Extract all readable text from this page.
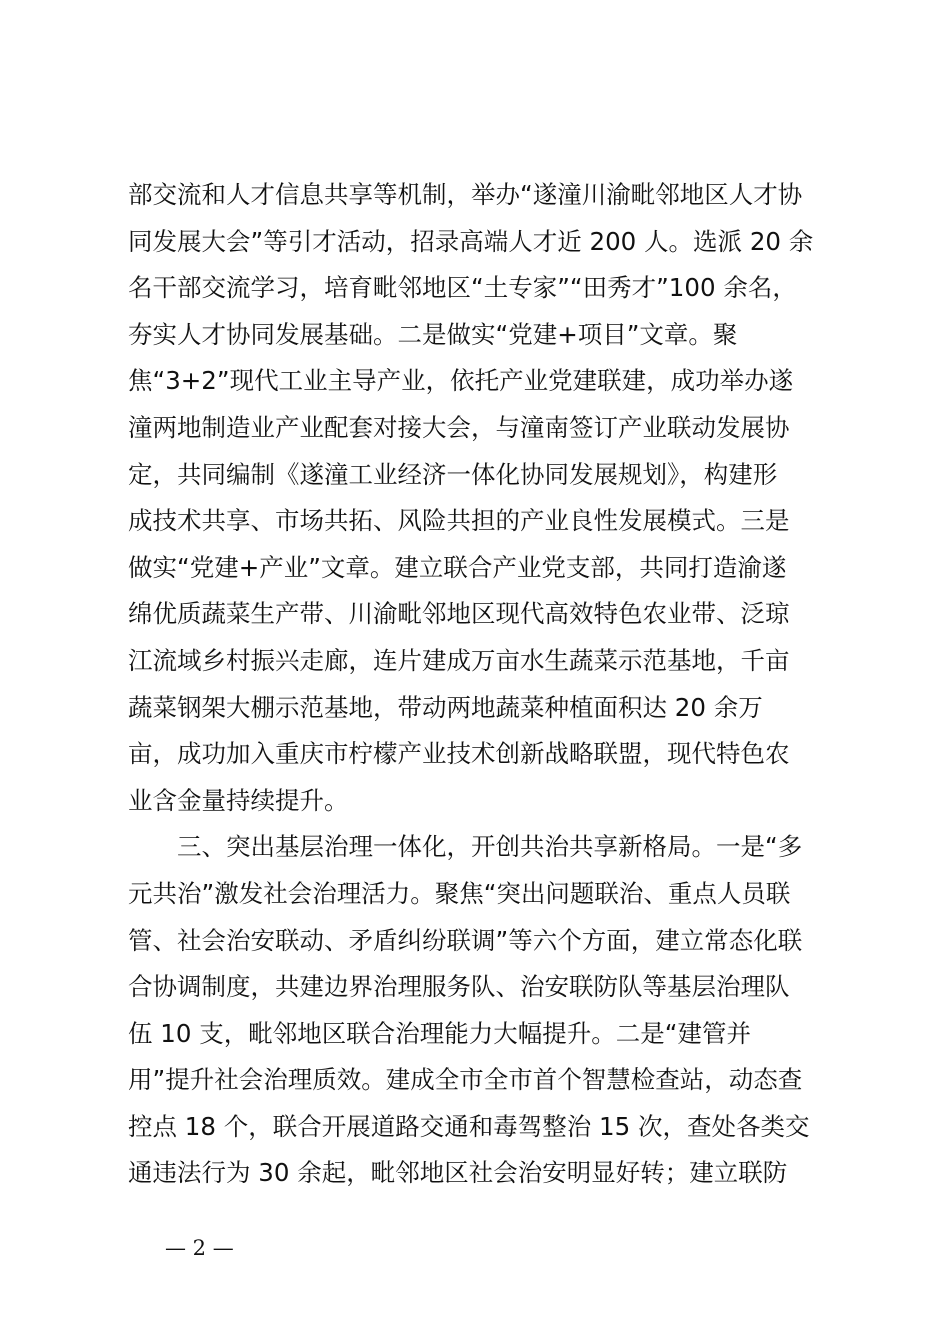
部交流和人才信息共享等机制，举办“遂潼川渝毗邻地区人才协
同发展大会”等引才活动，招录高端人才近 200 人。选派 20 余
名干部交流学习，培育毗邻地区“土专家”“田秀才”100 余名，
夯实人才协同发展基础。二是做实“党建+项目”文章。聚
焦“3+2”现代工业主导产业，依托产业党建联建，成功举办遂
潼两地制造业产业配套对接大会，与潼南签订产业联动发展协
定，共同编制《遂潼工业经济一体化协同发展规划》，构建形
成技术共享、市场共拓、风险共担的产业良性发展模式。三是
做实“党建+产业”文章。建立联合产业党支部，共同打造渝遂
绵优质蔬菜生产带、川渝毗邻地区现代高效特色农业带、泛琼
江流域乡村振兴走廊，连片建成万亩水生蔬菜示范基地，千亩
蔬菜钢架大棚示范基地，带动两地蔬菜种植面积达 20 余万
亩，成功加入重庆市柠檬产业技术创新战略联盟，现代特色农
业含金量持续提升。
　　三、突出基层治理一体化，开创共治共享新格局。一是“多
元共治”激发社会治理活力。聚焦“突出问题联治、重点人员联
管、社会治安联动、矛盾纠纷联调”等六个方面，建立常态化联
合协调制度，共建边界治理服务队、治安联防队等基层治理队
伍 10 支，毗邻地区联合治理能力大幅提升。二是“建管并
用”提升社会治理质效。建成全市全市首个智慧检查站，动态查
控点 18 个，联合开展道路交通和毒驾整治 15 次，查处各类交
通违法行为 30 余起，毗邻地区社会治安明显好转；建立联防
— 2 —
